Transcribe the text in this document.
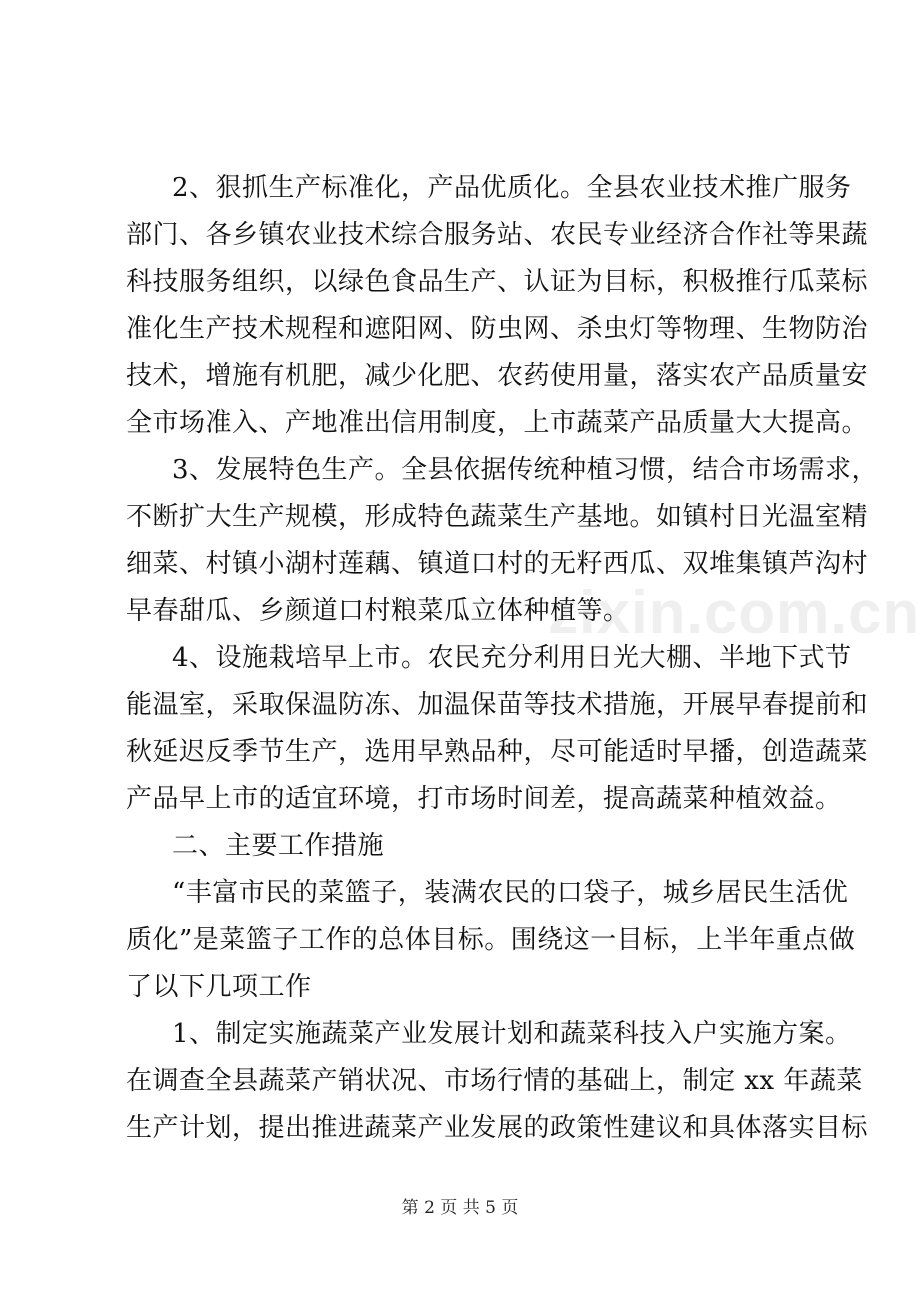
zixin.com.cn
2、狠抓生产标准化，产品优质化。全县农业技术推广服务
部门、各乡镇农业技术综合服务站、农民专业经济合作社等果蔬
科技服务组织，以绿色食品生产、认证为目标，积极推行瓜菜标
准化生产技术规程和遮阳网、防虫网、杀虫灯等物理、生物防治
技术，增施有机肥，减少化肥、农药使用量，落实农产品质量安
全市场准入、产地准出信用制度，上市蔬菜产品质量大大提高。
3、发展特色生产。全县依据传统种植习惯，结合市场需求，
不断扩大生产规模，形成特色蔬菜生产基地。如镇村日光温室精
细菜、村镇小湖村莲藕、镇道口村的无籽西瓜、双堆集镇芦沟村
早春甜瓜、乡颜道口村粮菜瓜立体种植等。
4、设施栽培早上市。农民充分利用日光大棚、半地下式节
能温室，采取保温防冻、加温保苗等技术措施，开展早春提前和
秋延迟反季节生产，选用早熟品种，尽可能适时早播，创造蔬菜
产品早上市的适宜环境，打市场时间差，提高蔬菜种植效益。
二、主要工作措施
“丰富市民的菜篮子，装满农民的口袋子，城乡居民生活优
质化”是菜篮子工作的总体目标。围绕这一目标，上半年重点做
了以下几项工作
1、制定实施蔬菜产业发展计划和蔬菜科技入户实施方案。
在调查全县蔬菜产销状况、市场行情的基础上，制定 xx 年蔬菜
生产计划，提出推进蔬菜产业发展的政策性建议和具体落实目标
第 2 页 共 5 页
